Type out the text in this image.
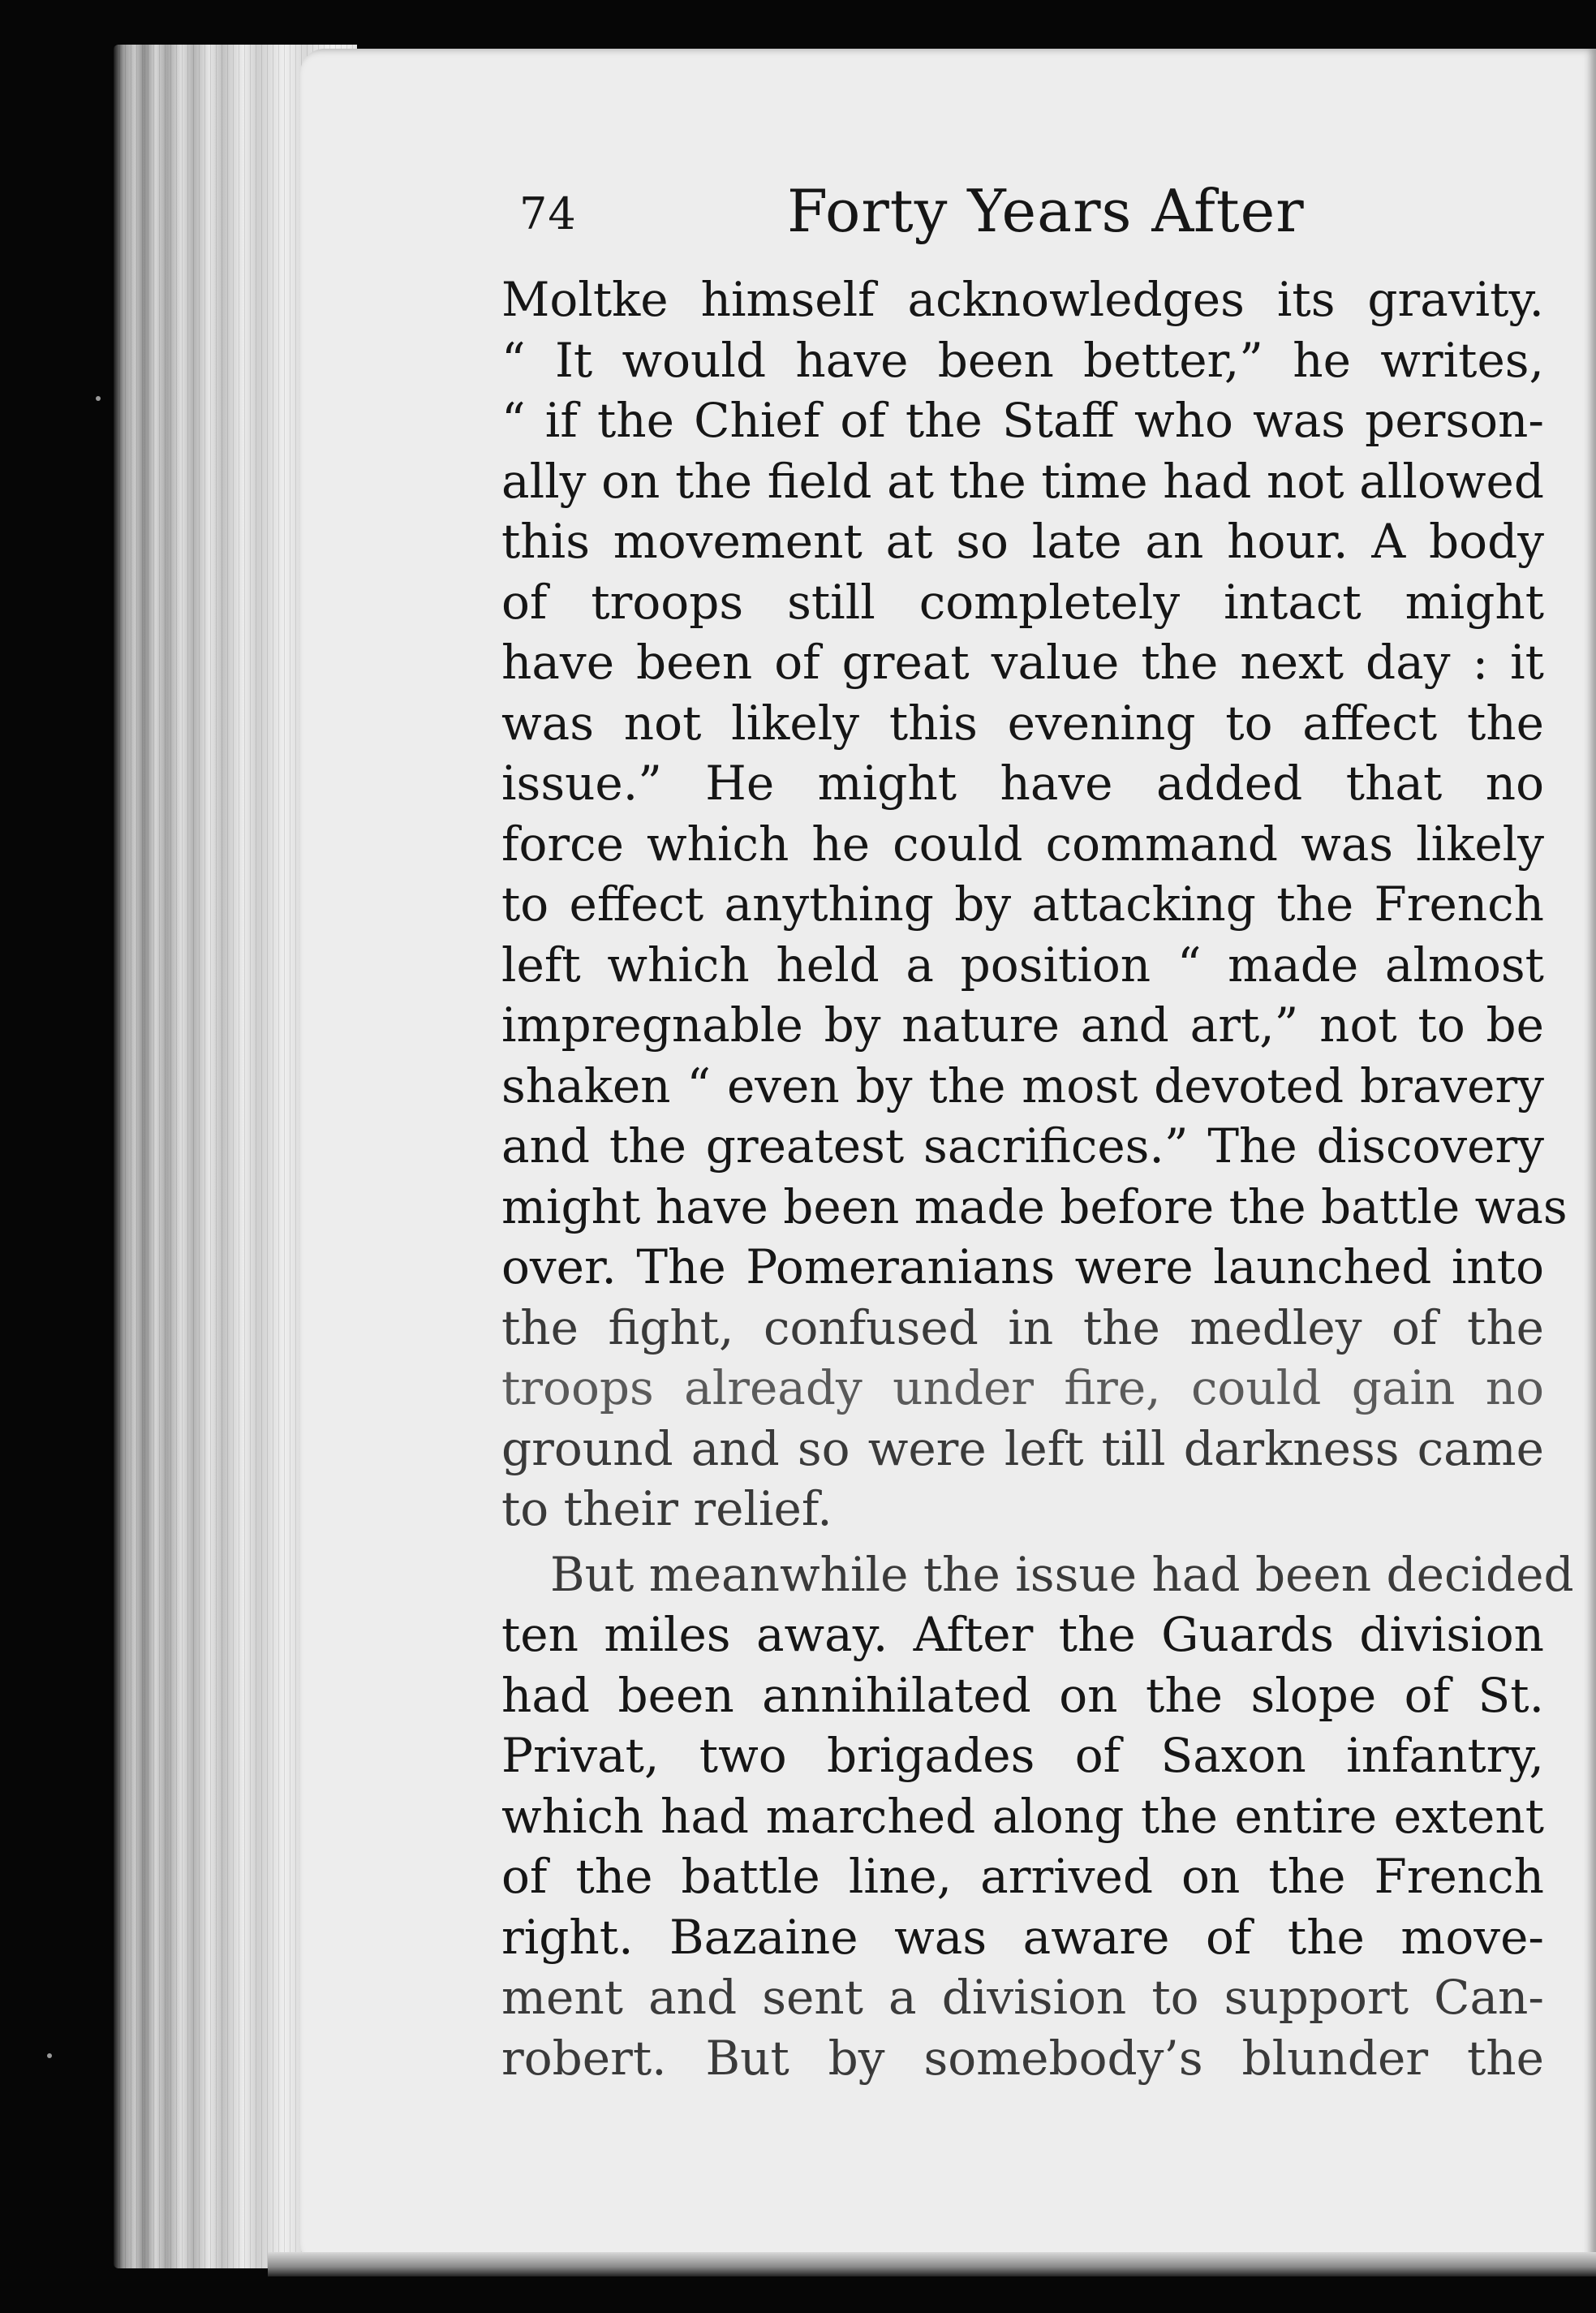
74	Forty Years After
Moltke himself acknowledges its gravity.
“ It would have been better,” he writes,
“ if the Chief of the Staff who was person-
ally on the field at the time had not allowed
this movement at so late an hour. A body
of troops still completely intact might
have been of great value the next day : it
was not likely this evening to affect the
issue.” He might have added that no
force which he could command was likely
to effect anything by attacking the French
left which held a position “ made almost
impregnable by nature and art,” not to be
shaken “ even by the most devoted bravery
and the greatest sacrifices.” The discovery
might have been made before the battle was
over. The Pomeranians were launched into
the fight, confused in the medley of the
troops already under fire, could gain no
ground and so were left till darkness came
to their relief.
But meanwhile the issue had been decided
ten miles away. After the Guards division
had been annihilated on the slope of St.
Privat, two brigades of Saxon infantry,
which had marched along the entire extent
of the battle line, arrived on the French
right. Bazaine was aware of the move-
ment and sent a division to support Can-
robert. But by somebody’s blunder the
